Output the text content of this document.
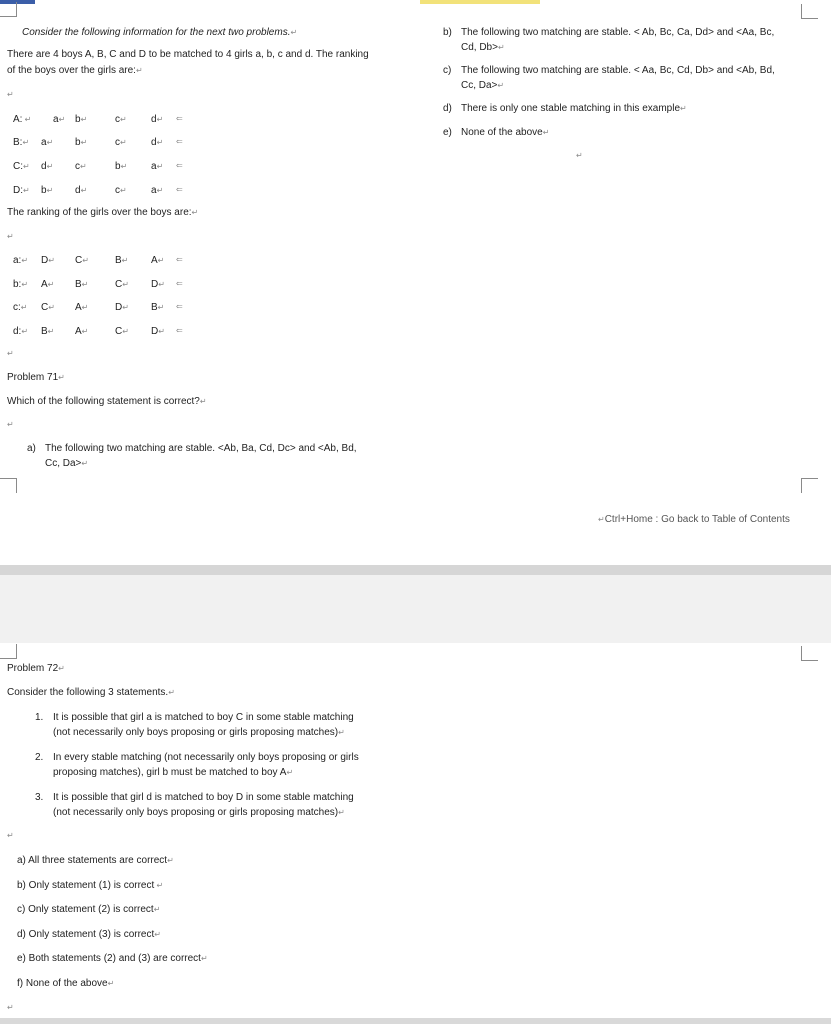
Consider the following information for the next two problems.↵
There are 4 boys A, B, C and D to be matched to 4 girls a, b, c and d. The ranking
of the boys over the girls are:↵
↵
A: ↵ a↵ b↵	c↵ d↵ ⇐
B:↵ a↵ b↵	c↵ d↵ ⇐
C:↵ d↵ c↵	b↵ a↵ ⇐
D:↵ b↵ d↵	c↵ a↵ ⇐
The ranking of the girls over the boys are:↵
↵
a:↵ D↵ C↵	B↵ A↵ ⇐
b:↵ A↵ B↵	C↵ D↵ ⇐
c:↵ C↵ A↵	D↵ B↵ ⇐
d:↵ B↵ A↵	C↵ D↵ ⇐
↵
Problem 71↵
Which of the following statement is correct?↵
↵
a) The following two matching are stable. <Ab, Ba, Cd, Dc> and <Ab, Bd,
Cc, Da>↵
b) The following two matching are stable. < Ab, Bc, Ca, Dd> and <Aa, Bc,
Cd, Db>↵
c) The following two matching are stable. < Aa, Bc, Cd, Db> and <Ab, Bd,
Cc, Da>↵
d) There is only one stable matching in this example↵
e) None of the above↵
↵
↵Ctrl+Home : Go back to Table of Contents
Problem 72↵
Consider the following 3 statements.↵
1. It is possible that girl a is matched to boy C in some stable matching
(not necessarily only boys proposing or girls proposing matches)↵
2. In every stable matching (not necessarily only boys proposing or girls
proposing matches), girl b must be matched to boy A↵
3. It is possible that girl d is matched to boy D in some stable matching
(not necessarily only boys proposing or girls proposing matches)↵
↵
a) All three statements are correct↵
b) Only statement (1) is correct ↵
c) Only statement (2) is correct↵
d) Only statement (3) is correct↵
e) Both statements (2) and (3) are correct↵
f) None of the above↵
↵
